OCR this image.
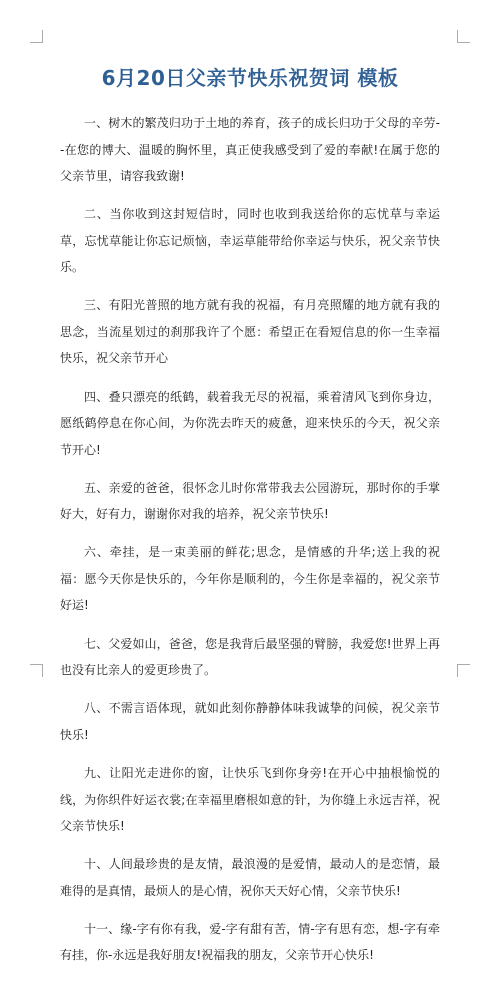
6月20日父亲节快乐祝贺词 模板

一、树木的繁茂归功于土地的养育，孩子的成长归功于父母的辛劳--在您的博大、温暖的胸怀里，真正使我感受到了爱的奉献!在属于您的父亲节里，请容我致谢!

二、当你收到这封短信时，同时也收到我送给你的忘忧草与幸运草，忘忧草能让你忘记烦恼，幸运草能带给你幸运与快乐，祝父亲节快乐。

三、有阳光普照的地方就有我的祝福，有月亮照耀的地方就有我的思念，当流星划过的刹那我许了个愿：希望正在看短信息的你一生幸福快乐，祝父亲节开心

四、叠只漂亮的纸鹤，载着我无尽的祝福，乘着清风飞到你身边，愿纸鹤停息在你心间，为你洗去昨天的疲惫，迎来快乐的今天，祝父亲节开心!

五、亲爱的爸爸，很怀念儿时你常带我去公园游玩，那时你的手掌好大，好有力，谢谢你对我的培养，祝父亲节快乐!

六、牵挂，是一束美丽的鲜花;思念，是情感的升华;送上我的祝福：愿今天你是快乐的，今年你是顺利的，今生你是幸福的，祝父亲节好运!

七、父爱如山，爸爸，您是我背后最坚强的臂膀，我爱您!世界上再也没有比亲人的爱更珍贵了。

八、不需言语体现，就如此刻你静静体味我诚挚的问候，祝父亲节快乐!

九、让阳光走进你的窗，让快乐飞到你身旁!在开心中抽根愉悦的线，为你织件好运衣裳;在幸福里磨根如意的针，为你缝上永远吉祥，祝父亲节快乐!

十、人间最珍贵的是友情，最浪漫的是爱情，最动人的是恋情，最难得的是真情，最烦人的是心情，祝你天天好心情，父亲节快乐!

十一、缘-字有你有我，爱-字有甜有苦，情-字有思有恋，想-字有牵有挂，你-永远是我好朋友!祝福我的朋友，父亲节开心快乐!
